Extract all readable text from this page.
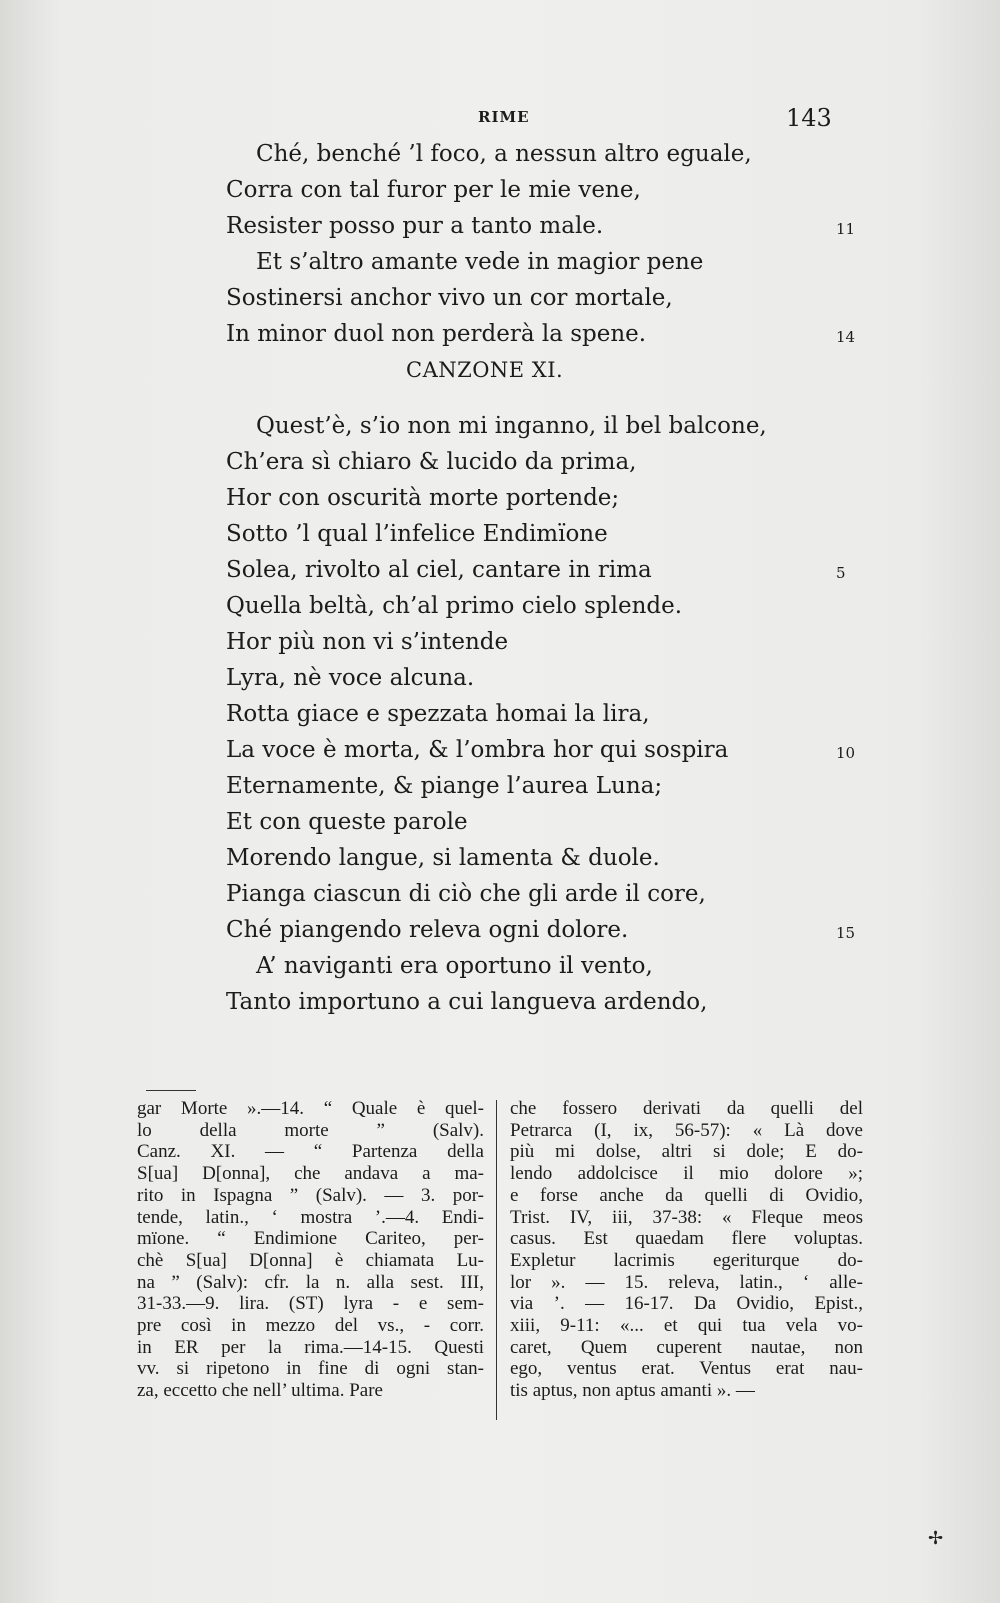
RIME	143
CANZONE XI.
Ché, benché ’l foco, a nessun altro eguale,
Corra con tal furor per le mie vene,
Resister posso pur a tanto male.	11
Et s’altro amante vede in magior pene
Sostinersi anchor vivo un cor mortale,
In minor duol non perderà la spene.	14
Quest’è, s’io non mi inganno, il bel balcone,
Ch’era sì chiaro & lucido da prima,
Hor con oscurità morte portende;
Sotto ’l qual l’infelice Endimïone
Solea, rivolto al ciel, cantare in rima	5
Quella beltà, ch’al primo cielo splende.
Hor più non vi s’intende
Lyra, nè voce alcuna.
Rotta giace e spezzata homai la lira,
La voce è morta, & l’ombra hor qui sospira	10
Eternamente, & piange l’aurea Luna;
Et con queste parole
Morendo langue, si lamenta & duole.
Pianga ciascun di ciò che gli arde il core,
Ché piangendo releva ogni dolore.	15
A’ naviganti era oportuno il vento,
Tanto importuno a cui langueva ardendo,
gar Morte ».—14. “ Quale è quel-
lo della morte ” (Salv).
Canz. XI. — “ Partenza della
S[ua] D[onna], che andava a ma-
rito in Ispagna ” (Salv). — 3. por-
tende, latin., ‘ mostra ’.—4. Endi-
mïone. “ Endimione Cariteo, per-
chè S[ua] D[onna] è chiamata Lu-
na ” (Salv): cfr. la n. alla sest. III,
31-33.—9. lira. (ST) lyra - e sem-
pre così in mezzo del vs., - corr.
in ER per la rima.—14-15. Questi
vv. si ripetono in fine di ogni stan-
za, eccetto che nell’ ultima. Pare
che fossero derivati da quelli del
Petrarca (I, ix, 56-57): « Là dove
più mi dolse, altri si dole; E do-
lendo addolcisce il mio dolore »;
e forse anche da quelli di Ovidio,
Trist. IV, iii, 37-38: « Fleque meos
casus. Est quaedam flere voluptas.
Expletur lacrimis egeriturque do-
lor ». — 15. releva, latin., ‘ alle-
via ’. — 16-17. Da Ovidio, Epist.,
xiii, 9-11: «... et qui tua vela vo-
caret, Quem cuperent nautae, non
ego, ventus erat. Ventus erat nau-
tis aptus, non aptus amanti ». —
✢
